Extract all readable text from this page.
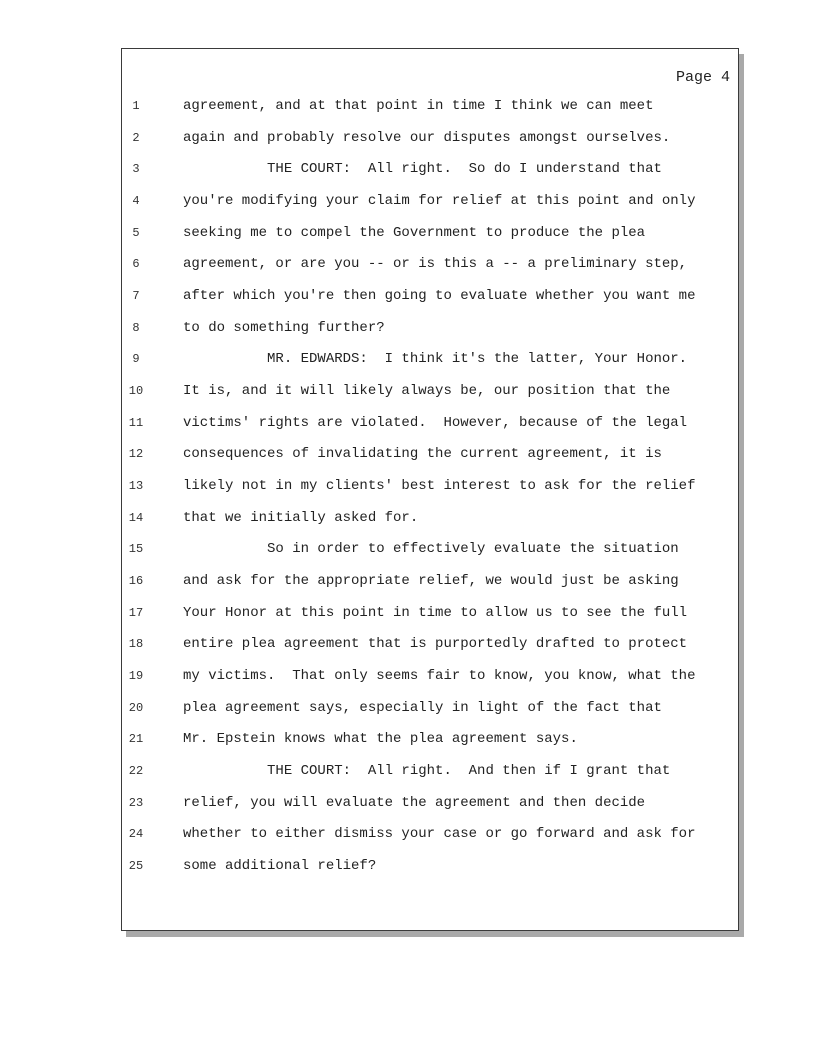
Page 4
1	agreement, and at that point in time I think we can meet
2	again and probably resolve our disputes amongst ourselves.
3	THE COURT:  All right.  So do I understand that
4	you're modifying your claim for relief at this point and only
5	seeking me to compel the Government to produce the plea
6	agreement, or are you -- or is this a -- a preliminary step,
7	after which you're then going to evaluate whether you want me
8	to do something further?
9	MR. EDWARDS:  I think it's the latter, Your Honor.
10	It is, and it will likely always be, our position that the
11	victims' rights are violated.  However, because of the legal
12	consequences of invalidating the current agreement, it is
13	likely not in my clients' best interest to ask for the relief
14	that we initially asked for.
15	So in order to effectively evaluate the situation
16	and ask for the appropriate relief, we would just be asking
17	Your Honor at this point in time to allow us to see the full
18	entire plea agreement that is purportedly drafted to protect
19	my victims.  That only seems fair to know, you know, what the
20	plea agreement says, especially in light of the fact that
21	Mr. Epstein knows what the plea agreement says.
22	THE COURT:  All right.  And then if I grant that
23	relief, you will evaluate the agreement and then decide
24	whether to either dismiss your case or go forward and ask for
25	some additional relief?
